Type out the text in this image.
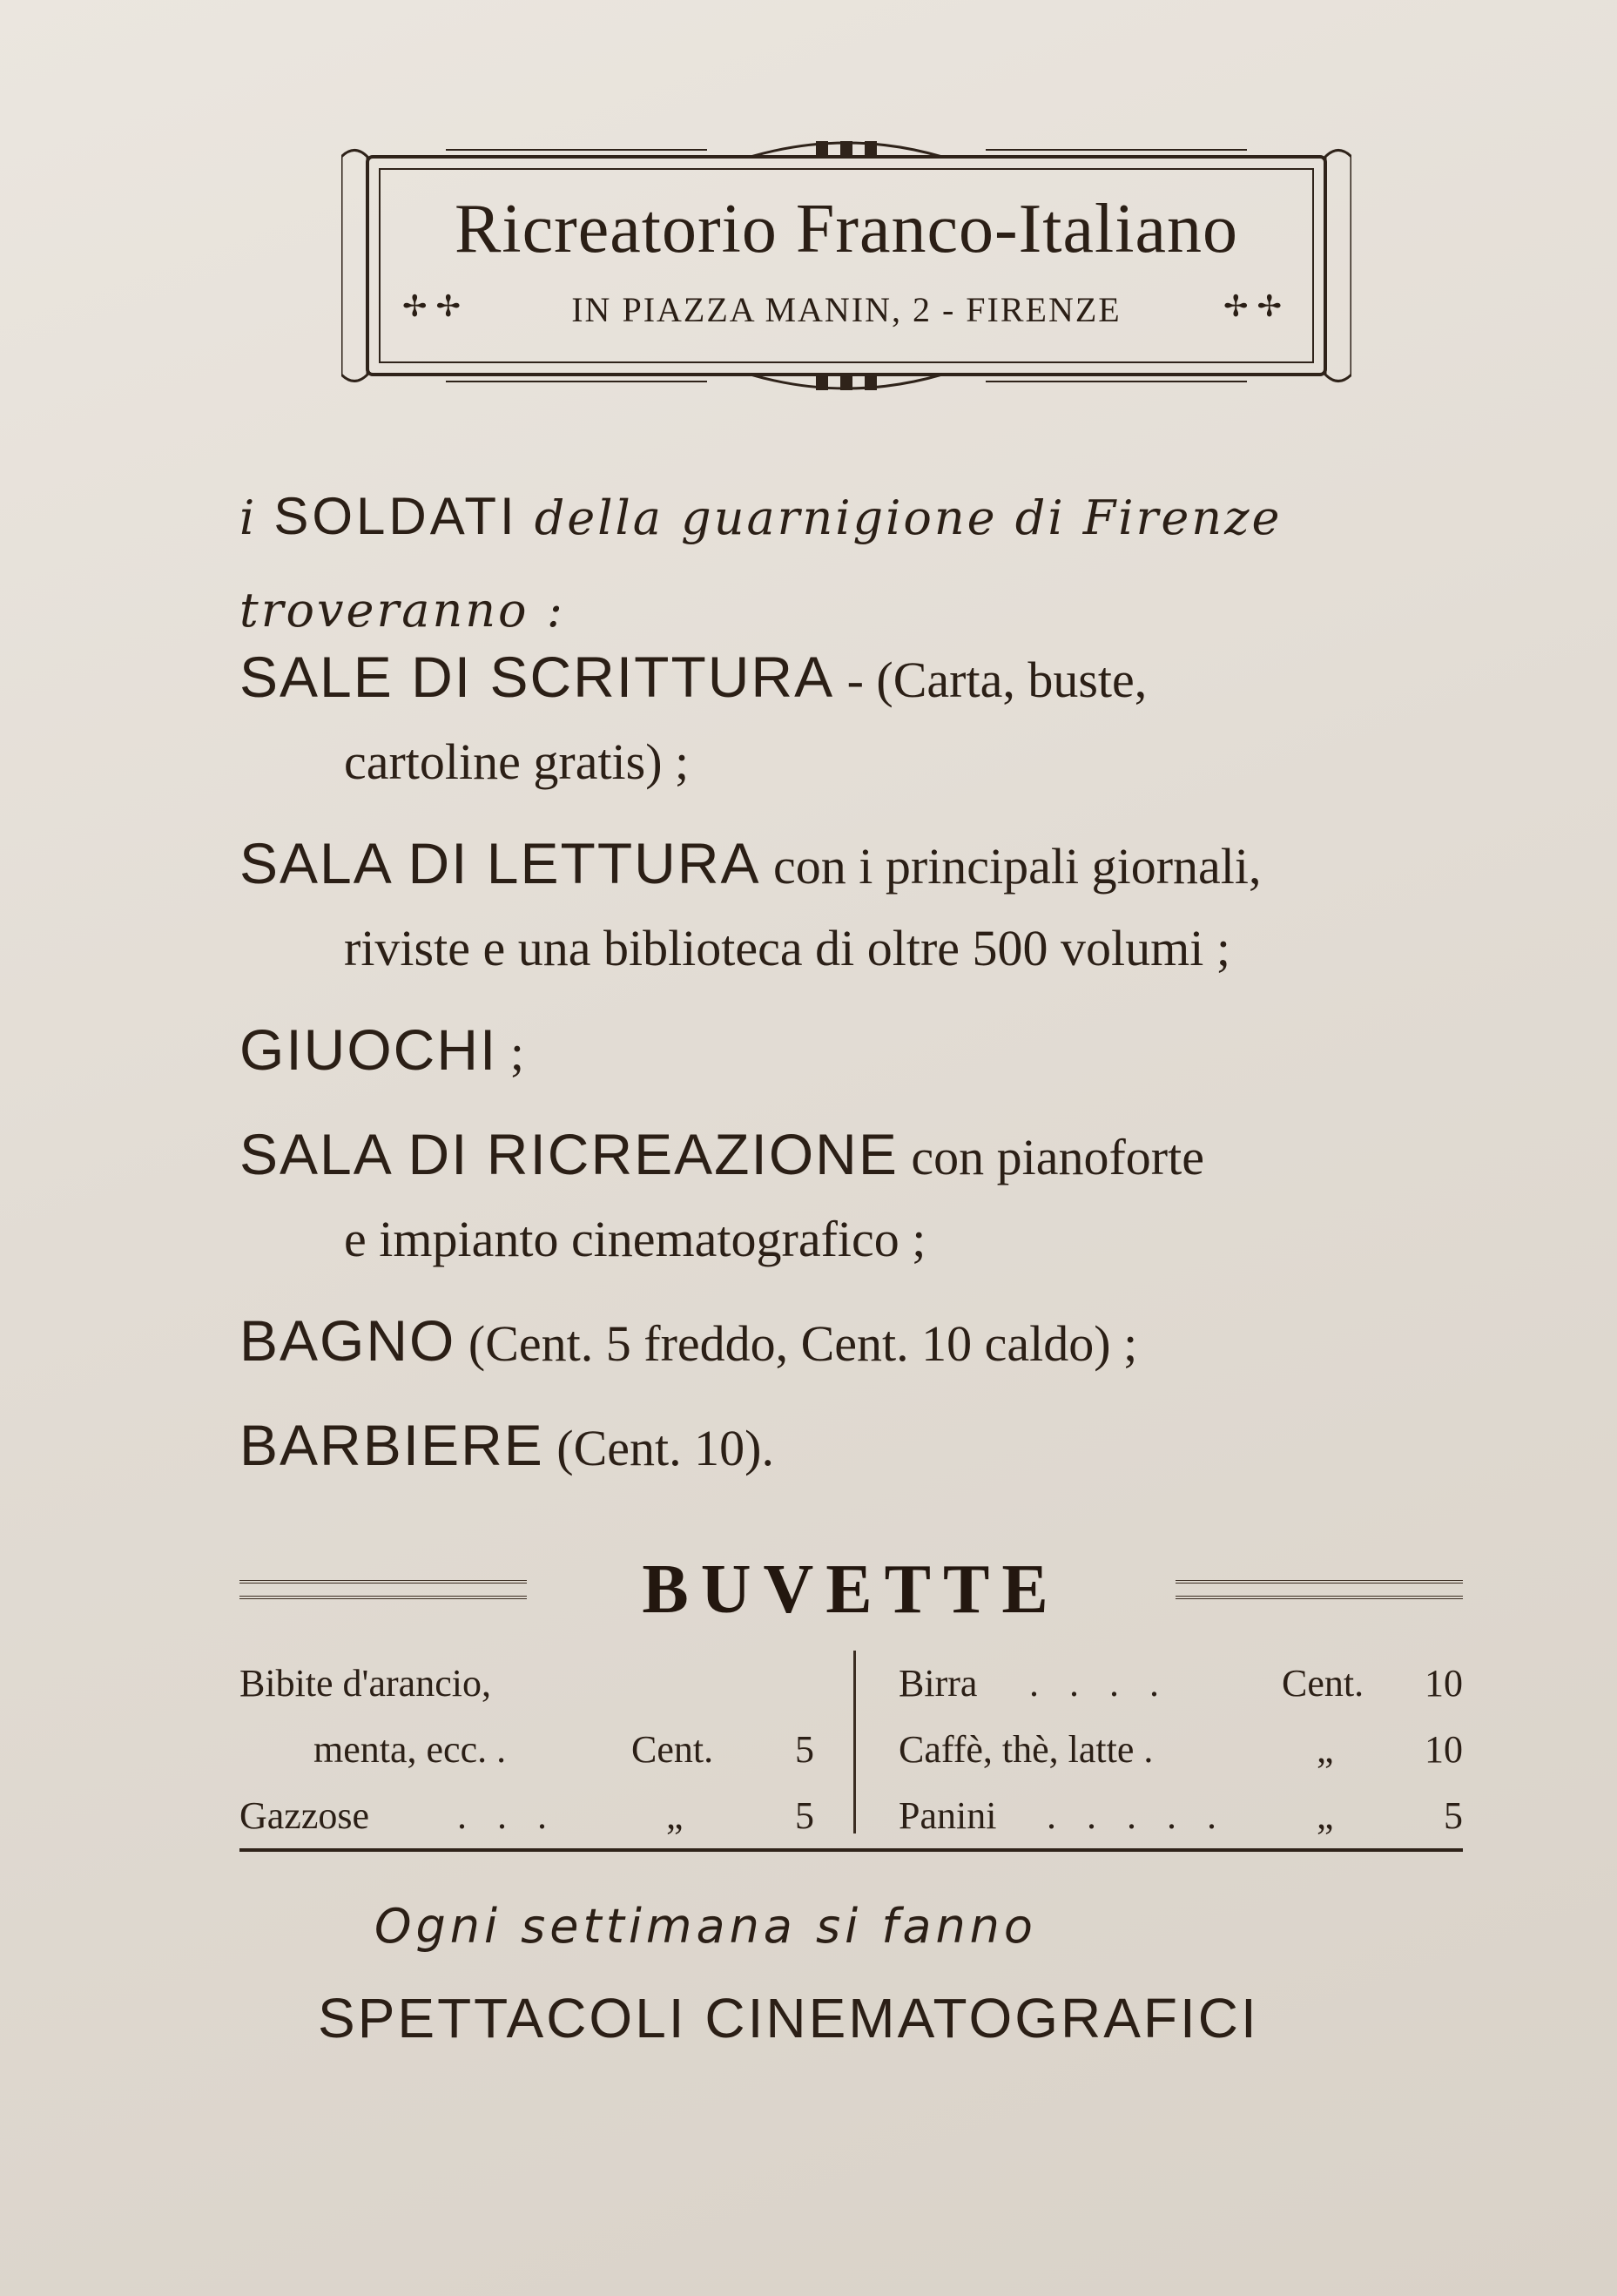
Ricreatorio Franco-Italiano
✢✢	IN PIAZZA MANIN, 2 - FIRENZE	✢✢
i SOLDATI della guarnigione di Firenze
troveranno :
SALE DI SCRITTURA - (Carta, buste,
cartoline gratis) ;
SALA DI LETTURA con i principali giornali,
riviste e una biblioteca di oltre 500 volumi ;
GIUOCHI ;
SALA DI RICREAZIONE con pianoforte
e impianto cinematografico ;
BAGNO (Cent. 5 freddo, Cent. 10 caldo) ;
BARBIERE (Cent. 10).
BUVETTE
Bibite d'arancio,
menta, ecc. .	Cent. 5
Gazzose . . .	„	5
Birra . . . .	Cent. 10
Caffè, thè, latte .	„ 10
Panini . . . . . „	5
Ogni settimana si fanno
SPETTACOLI CINEMATOGRAFICI
